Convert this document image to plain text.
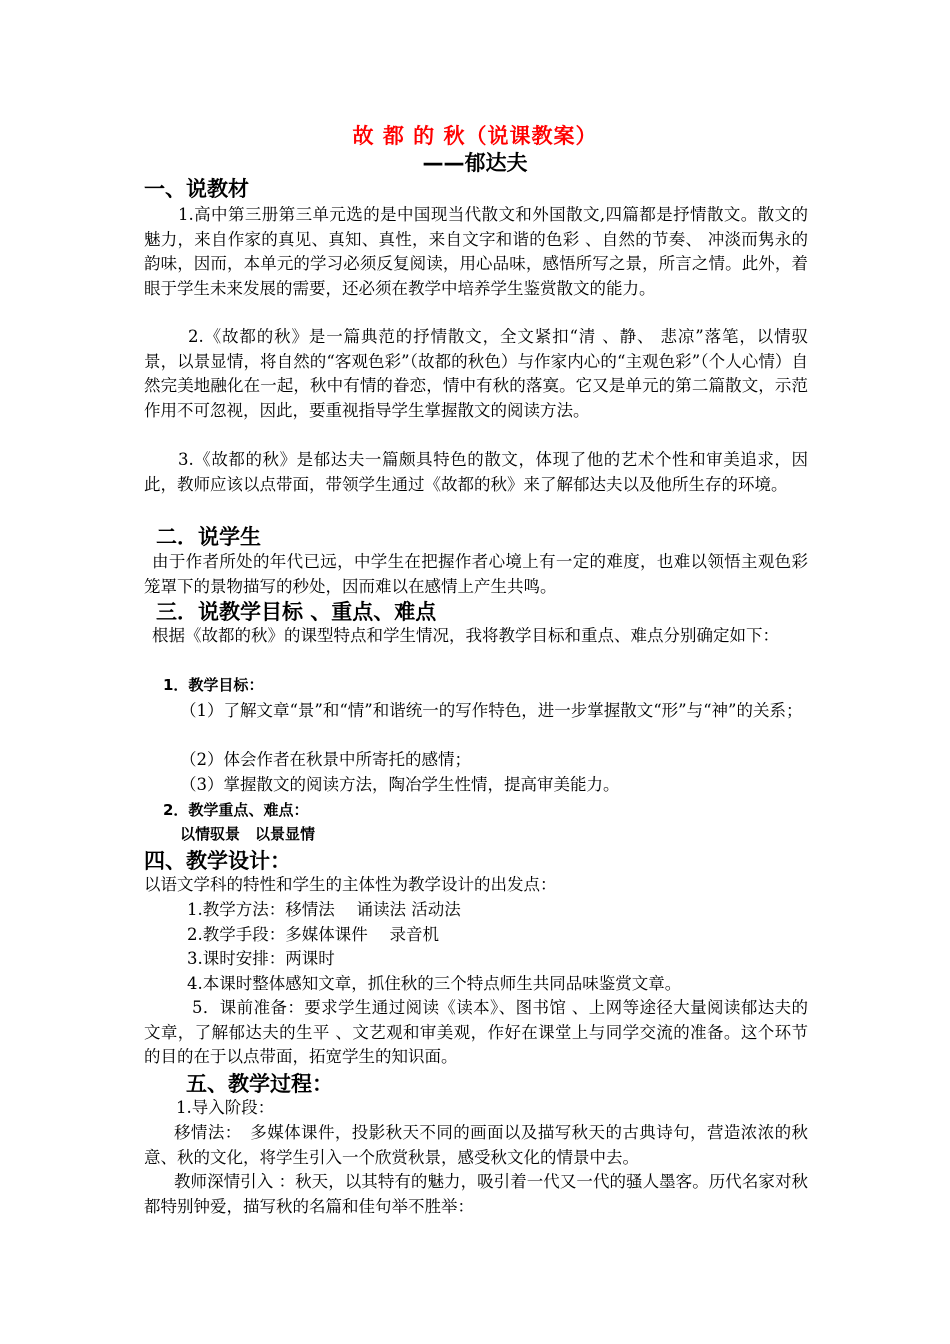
故 都 的 秋（说课教案）
——郁达夫
一、说教材

1.高中第三册第三单元选的是中国现当代散文和外国散文,四篇都是抒情散文。散文的魅力，来自作家的真见、真知、真性，来自文字和谐的色彩 、自然的节奏、 冲淡而隽永的韵味，因而，本单元的学习必须反复阅读，用心品味，感悟所写之景，所言之情。此外，着眼于学生未来发展的需要，还必须在教学中培养学生鉴赏散文的能力。

2.《故都的秋》是一篇典范的抒情散文，全文紧扣“清 、静、 悲凉”落笔，以情驭景，以景显情，将自然的“客观色彩”（故都的秋色）与作家内心的“主观色彩”（个人心情）自然完美地融化在一起，秋中有情的眷恋，情中有秋的落寞。它又是单元的第二篇散文，示范作用不可忽视，因此，要重视指导学生掌握散文的阅读方法。

3.《故都的秋》是郁达夫一篇颇具特色的散文，体现了他的艺术个性和审美追求，因此，教师应该以点带面，带领学生通过《故都的秋》来了解郁达夫以及他所生存的环境。

二．说学生

由于作者所处的年代已远，中学生在把握作者心境上有一定的难度，也难以领悟主观色彩笼罩下的景物描写的秒处，因而难以在感情上产生共鸣。

三．说教学目标 、重点、难点

根据《故都的秋》的课型特点和学生情况，我将教学目标和重点、难点分别确定如下：

1．教学目标：

（1）了解文章“景”和“情”和谐统一的写作特色，进一步掌握散文“形”与“神”的关系；

（2）体会作者在秋景中所寄托的感情；
（3）掌握散文的阅读方法，陶冶学生性情，提高审美能力。
2．教学重点、难点：
以情驭景　以景显情
四、教学设计：
以语文学科的特性和学生的主体性为教学设计的出发点：
1.教学方法：移情法　 诵读法 活动法
2.教学手段：多媒体课件　 录音机
3.课时安排：两课时
4.本课时整体感知文章，抓住秋的三个特点师生共同品味鉴赏文章。

5．课前准备：要求学生通过阅读《读本》、图书馆 、上网等途径大量阅读郁达夫的文章，了解郁达夫的生平 、文艺观和审美观，作好在课堂上与同学交流的准备。这个环节的目的在于以点带面，拓宽学生的知识面。

五、教学过程：
1.导入阶段：

移情法：　多媒体课件，投影秋天不同的画面以及描写秋天的古典诗句，营造浓浓的秋意、秋的文化，将学生引入一个欣赏秋景，感受秋文化的情景中去。

教师深情引入 ：秋天，以其特有的魅力，吸引着一代又一代的骚人墨客。历代名家对秋都特别钟爱，描写秋的名篇和佳句举不胜举：
